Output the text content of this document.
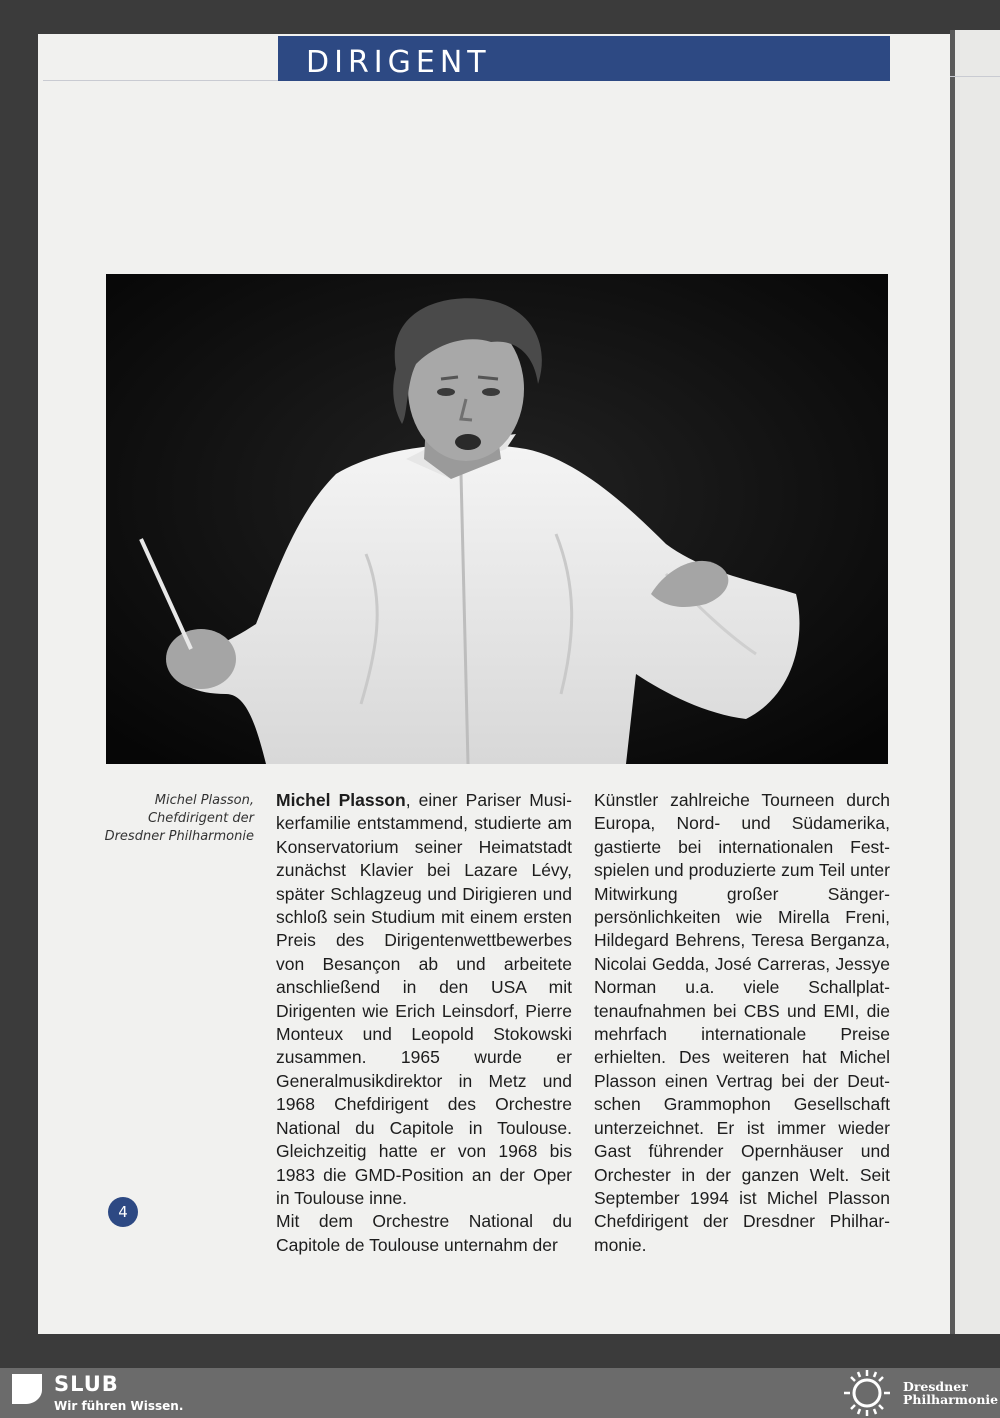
DIRIGENT
Michel Plasson,
Chefdirigent der
Dresdner Philharmonie

Michel Plasson, einer Pariser Musikerfamilie entstammend, studierte am Konservatorium seiner Heimatstadt zunächst Klavier bei Lazare Lévy, später Schlagzeug und Dirigieren und schloß sein Studium mit einem ersten Preis des Dirigentenwettbewerbes von Besançon ab und arbeitete anschließend in den USA mit Dirigenten wie Erich Leinsdorf, Pierre Monteux und Leopold Stokowski zusammen. 1965 wurde er Generalmusikdirektor in Metz und 1968 Chefdirigent des Orchestre National du Capitole in Toulouse. Gleichzeitig hatte er von 1968 bis 1983 die GMD-Position an der Oper in Toulouse inne.

Mit dem Orchestre National du Capitole de Toulouse unternahm der

Künstler zahlreiche Tourneen durch Europa, Nord- und Südamerika, gastierte bei internationalen Festspielen und produzierte zum Teil unter Mitwirkung großer Sängerpersönlichkeiten wie Mirella Freni, Hildegard Behrens, Teresa Berganza, Nicolai Gedda, José Carreras, Jessye Norman u.a. viele Schallplattenaufnahmen bei CBS und EMI, die mehrfach internationale Preise erhielten. Des weiteren hat Michel Plasson einen Vertrag bei der Deutschen Grammophon Gesellschaft unterzeichnet. Er ist immer wieder Gast führender Opernhäuser und Orchester in der ganzen Welt. Seit September 1994 ist Michel Plasson Chefdirigent der Dresdner Philharmonie.

4
SLUB
Wir führen Wissen.
Dresdner
Philharmonie
